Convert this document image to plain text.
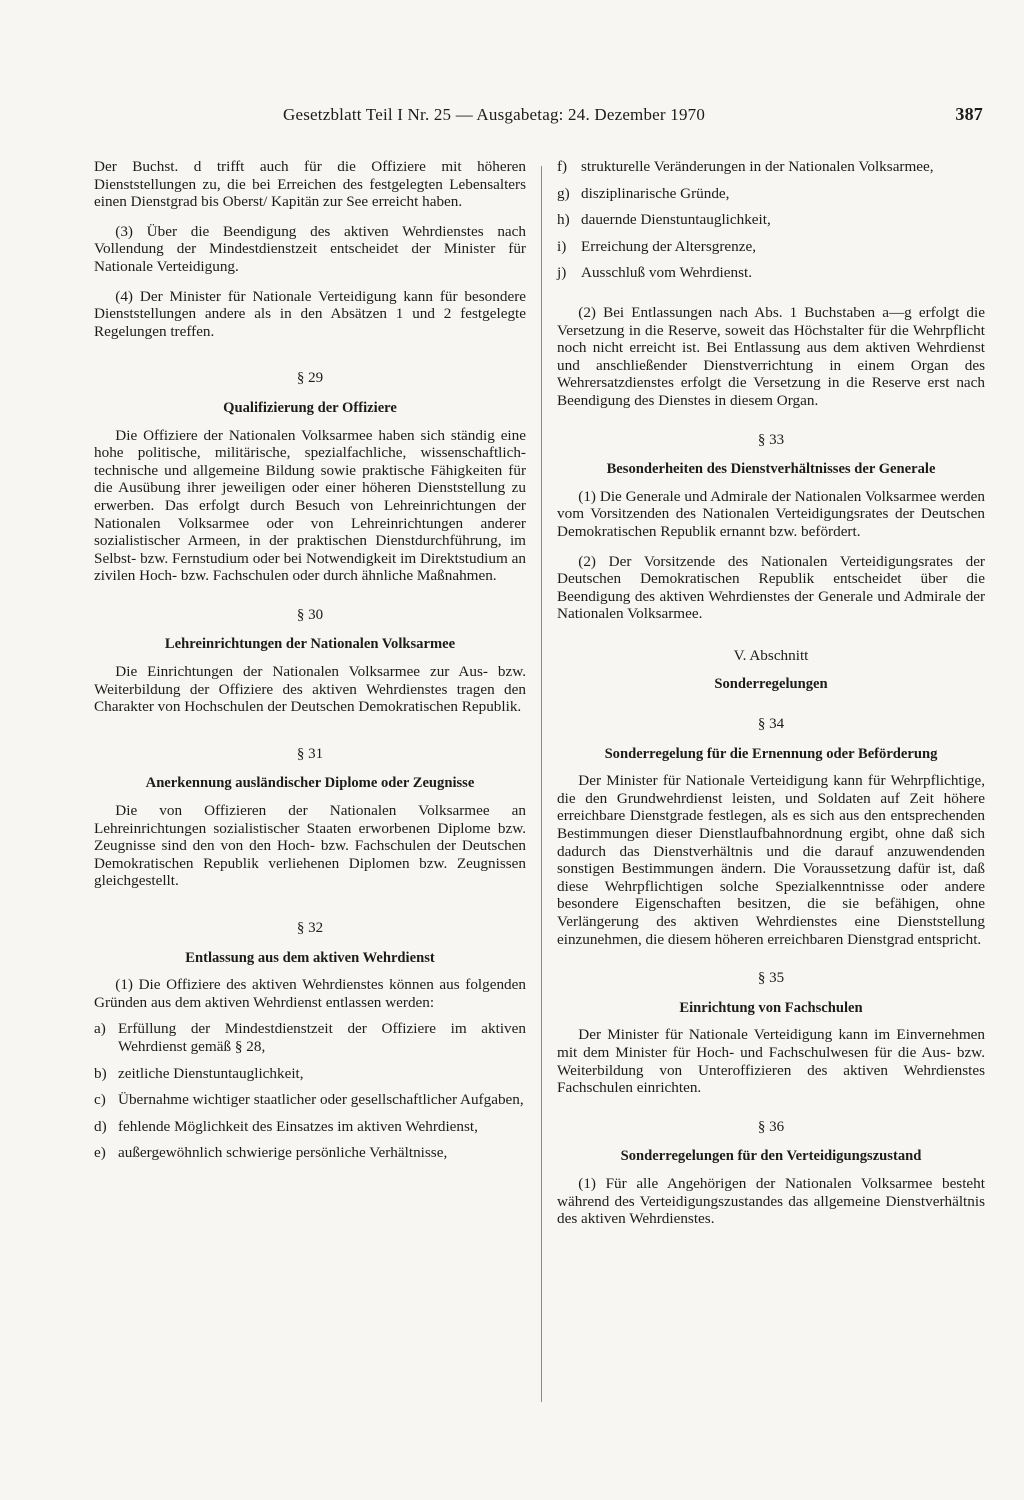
Gesetzblatt Teil I Nr. 25 — Ausgabetag: 24. Dezember 1970	387

Der Buchst. d trifft auch für die Offiziere mit höheren Dienststellungen zu, die bei Erreichen des festgelegten Lebensalters einen Dienstgrad bis Oberst/ Kapitän zur See erreicht haben.

(3) Über die Beendigung des aktiven Wehrdienstes nach Vollendung der Mindestdienstzeit entscheidet der Minister für Nationale Verteidigung.

(4) Der Minister für Nationale Verteidigung kann für besondere Dienststellungen andere als in den Absätzen 1 und 2 festgelegte Regelungen treffen.

§ 29
Qualifizierung der Offiziere

Die Offiziere der Nationalen Volksarmee haben sich ständig eine hohe politische, militärische, spezialfachliche, wissenschaftlich-technische und allgemeine Bildung sowie praktische Fähigkeiten für die Ausübung ihrer jeweiligen oder einer höheren Dienststellung zu erwerben. Das erfolgt durch Besuch von Lehreinrichtungen der Nationalen Volksarmee oder von Lehreinrichtungen anderer sozialistischer Armeen, in der praktischen Dienstdurchführung, im Selbst- bzw. Fernstudium oder bei Notwendigkeit im Direktstudium an zivilen Hoch- bzw. Fachschulen oder durch ähnliche Maßnahmen.

§ 30
Lehreinrichtungen der Nationalen Volksarmee

Die Einrichtungen der Nationalen Volksarmee zur Aus- bzw. Weiterbildung der Offiziere des aktiven Wehrdienstes tragen den Charakter von Hochschulen der Deutschen Demokratischen Republik.

§ 31
Anerkennung ausländischer Diplome oder Zeugnisse

Die von Offizieren der Nationalen Volksarmee an Lehreinrichtungen sozialistischer Staaten erworbenen Diplome bzw. Zeugnisse sind den von den Hoch- bzw. Fachschulen der Deutschen Demokratischen Republik verliehenen Diplomen bzw. Zeugnissen gleichgestellt.

§ 32
Entlassung aus dem aktiven Wehrdienst

(1) Die Offiziere des aktiven Wehrdienstes können aus folgenden Gründen aus dem aktiven Wehrdienst entlassen werden:

a) Erfüllung der Mindestdienstzeit der Offiziere im aktiven Wehrdienst gemäß § 28,
b) zeitliche Dienstuntauglichkeit,
c) Übernahme wichtiger staatlicher oder gesellschaftlicher Aufgaben,
d) fehlende Möglichkeit des Einsatzes im aktiven Wehrdienst,
e) außergewöhnlich schwierige persönliche Verhältnisse,
f) strukturelle Veränderungen in der Nationalen Volksarmee,
g) disziplinarische Gründe,
h) dauernde Dienstuntauglichkeit,
i) Erreichung der Altersgrenze,
j) Ausschluß vom Wehrdienst.

(2) Bei Entlassungen nach Abs. 1 Buchstaben a—g erfolgt die Versetzung in die Reserve, soweit das Höchstalter für die Wehrpflicht noch nicht erreicht ist. Bei Entlassung aus dem aktiven Wehrdienst und anschließender Dienstverrichtung in einem Organ des Wehrersatzdienstes erfolgt die Versetzung in die Reserve erst nach Beendigung des Dienstes in diesem Organ.

§ 33
Besonderheiten des Dienstverhältnisses der Generale

(1) Die Generale und Admirale der Nationalen Volksarmee werden vom Vorsitzenden des Nationalen Verteidigungsrates der Deutschen Demokratischen Republik ernannt bzw. befördert.

(2) Der Vorsitzende des Nationalen Verteidigungsrates der Deutschen Demokratischen Republik entscheidet über die Beendigung des aktiven Wehrdienstes der Generale und Admirale der Nationalen Volksarmee.

V. Abschnitt
Sonderregelungen
§ 34
Sonderregelung für die Ernennung oder Beförderung

Der Minister für Nationale Verteidigung kann für Wehrpflichtige, die den Grundwehrdienst leisten, und Soldaten auf Zeit höhere erreichbare Dienstgrade festlegen, als es sich aus den entsprechenden Bestimmungen dieser Dienstlaufbahnordnung ergibt, ohne daß sich dadurch das Dienstverhältnis und die darauf anzuwendenden sonstigen Bestimmungen ändern. Die Voraussetzung dafür ist, daß diese Wehrpflichtigen solche Spezialkenntnisse oder andere besondere Eigenschaften besitzen, die sie befähigen, ohne Verlängerung des aktiven Wehrdienstes eine Dienststellung einzunehmen, die diesem höheren erreichbaren Dienstgrad entspricht.

§ 35
Einrichtung von Fachschulen

Der Minister für Nationale Verteidigung kann im Einvernehmen mit dem Minister für Hoch- und Fachschulwesen für die Aus- bzw. Weiterbildung von Unteroffizieren des aktiven Wehrdienstes Fachschulen einrichten.

§ 36
Sonderregelungen für den Verteidigungszustand

(1) Für alle Angehörigen der Nationalen Volksarmee besteht während des Verteidigungszustandes das allgemeine Dienstverhältnis des aktiven Wehrdienstes.
